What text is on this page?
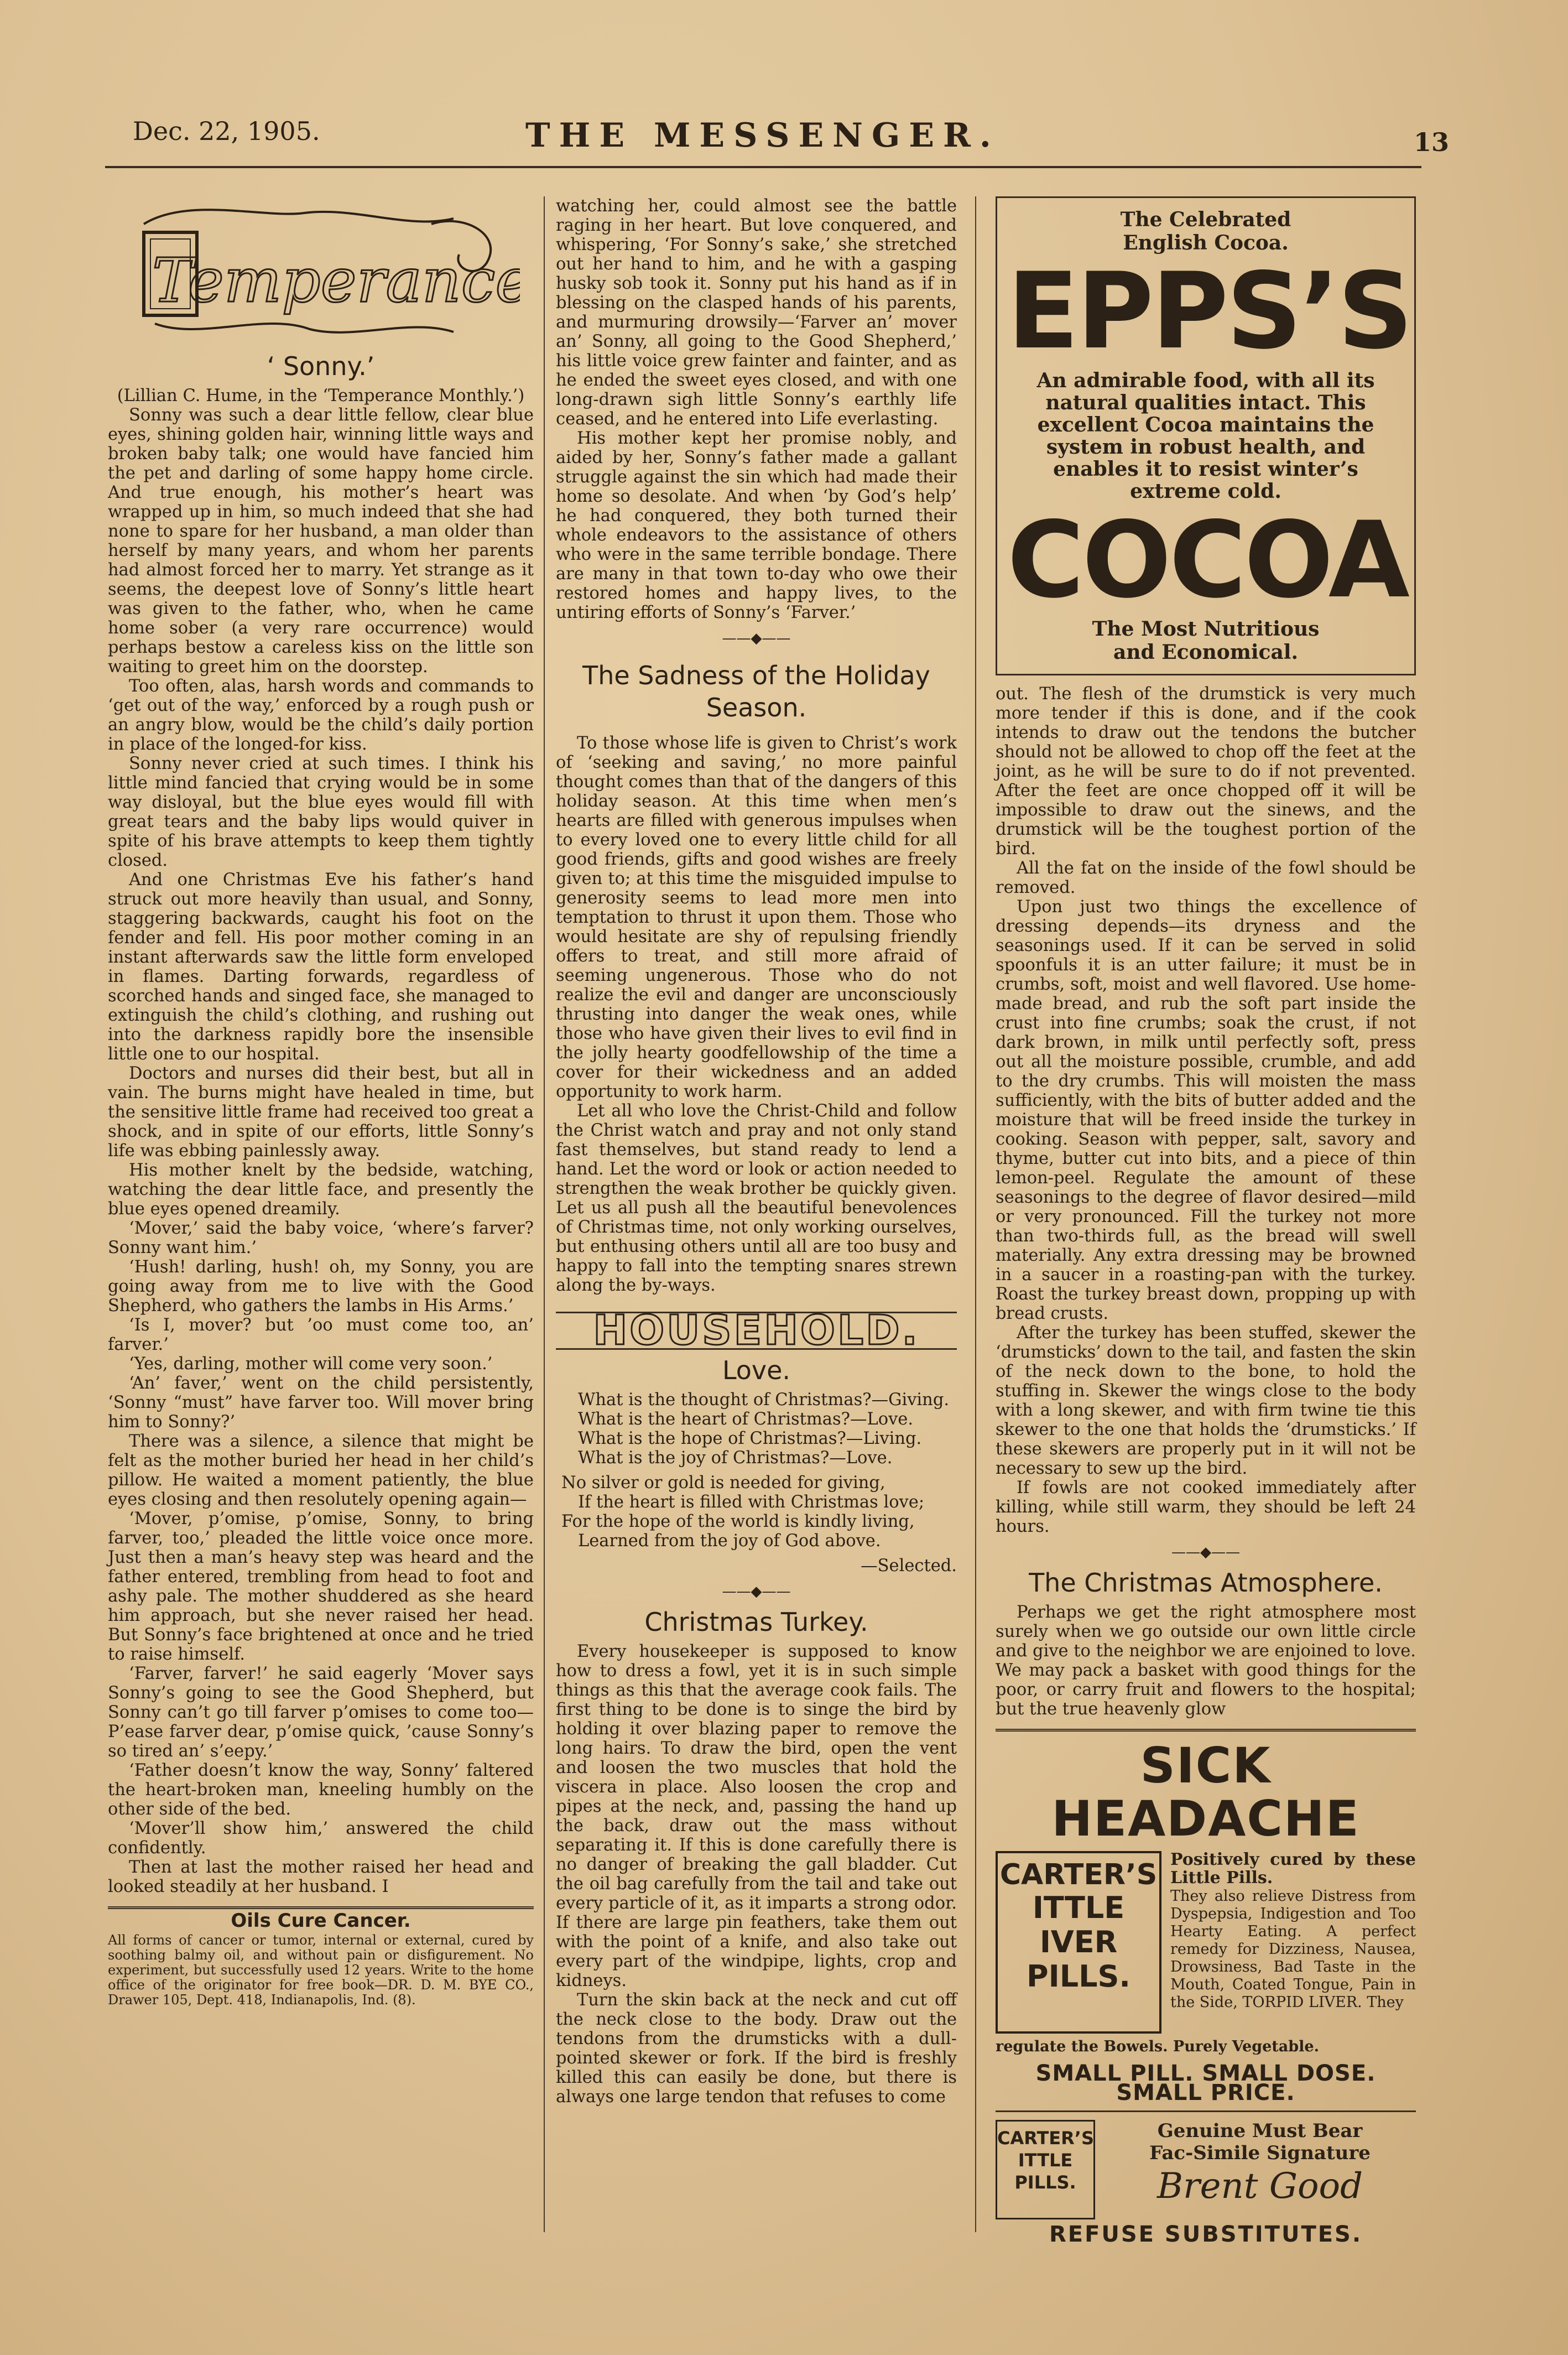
Dec. 22, 1905.	THE MESSENGER.	13
Temperance
‘ Sonny.’

(Lillian C. Hume, in the ‘Temperance Monthly.’)

Sonny was such a dear little fellow, clear blue eyes, shining golden hair, winning little ways and broken baby talk; one would have fancied him the pet and darling of some happy home circle. And true enough, his mother’s heart was wrapped up in him, so much indeed that she had none to spare for her husband, a man older than herself by many years, and whom her parents had almost forced her to marry. Yet strange as it seems, the deepest love of Sonny’s little heart was given to the father, who, when he came home sober (a very rare occurrence) would perhaps bestow a careless kiss on the little son waiting to greet him on the doorstep.

Too often, alas, harsh words and commands to ‘get out of the way,’ enforced by a rough push or an angry blow, would be the child’s daily portion in place of the longed-for kiss.

Sonny never cried at such times. I think his little mind fancied that crying would be in some way disloyal, but the blue eyes would fill with great tears and the baby lips would quiver in spite of his brave attempts to keep them tightly closed.

And one Christmas Eve his father’s hand struck out more heavily than usual, and Sonny, staggering backwards, caught his foot on the fender and fell. His poor mother coming in an instant afterwards saw the little form enveloped in flames. Darting forwards, regardless of scorched hands and singed face, she managed to extinguish the child’s clothing, and rushing out into the darkness rapidly bore the insensible little one to our hospital.

Doctors and nurses did their best, but all in vain. The burns might have healed in time, but the sensitive little frame had received too great a shock, and in spite of our efforts, little Sonny’s life was ebbing painlessly away.

His mother knelt by the bedside, watching, watching the dear little face, and presently the blue eyes opened dreamily.

‘Mover,’ said the baby voice, ‘where’s farver? Sonny want him.’

‘Hush! darling, hush! oh, my Sonny, you are going away from me to live with the Good Shepherd, who gathers the lambs in His Arms.’

‘Is I, mover? but ’oo must come too, an’ farver.’

‘Yes, darling, mother will come very soon.’

‘An’ faver,’ went on the child persistently, ‘Sonny “must” have farver too. Will mover bring him to Sonny?’

There was a silence, a silence that might be felt as the mother buried her head in her child’s pillow. He waited a moment patiently, the blue eyes closing and then resolutely opening again—

‘Mover, p’omise, p’omise, Sonny, to bring farver, too,’ pleaded the little voice once more. Just then a man’s heavy step was heard and the father entered, trembling from head to foot and ashy pale. The mother shuddered as she heard him approach, but she never raised her head. But Sonny’s face brightened at once and he tried to raise himself.

‘Farver, farver!’ he said eagerly ‘Mover says Sonny’s going to see the Good Shepherd, but Sonny can’t go till farver p’omises to come too—P’ease farver dear, p’omise quick, ’cause Sonny’s so tired an’ s’eepy.’

‘Father doesn’t know the way, Sonny’ faltered the heart-broken man, kneeling humbly on the other side of the bed.

‘Mover’ll show him,’ answered the child confidently.

Then at last the mother raised her head and looked steadily at her husband. I

Oils Cure Cancer.
All forms of cancer or tumor, internal or external, cured by soothing balmy oil, and without pain or disfigurement. No experiment, but successfully used 12 years. Write to the home office of the originator for free book—DR. D. M. BYE CO., Drawer 105, Dept. 418, Indianapolis, Ind. (8).

watching her, could almost see the battle raging in her heart. But love conquered, and whispering, ‘For Sonny’s sake,’ she stretched out her hand to him, and he with a gasping husky sob took it. Sonny put his hand as if in blessing on the clasped hands of his parents, and murmuring drowsily—‘Farver an’ mover an’ Sonny, all going to the Good Shepherd,’ his little voice grew fainter and fainter, and as he ended the sweet eyes closed, and with one long-drawn sigh little Sonny’s earthly life ceased, and he entered into Life everlasting.

His mother kept her promise nobly, and aided by her, Sonny’s father made a gallant struggle against the sin which had made their home so desolate. And when ‘by God’s help’ he had conquered, they both turned their whole endeavors to the assistance of others who were in the same terrible bondage. There are many in that town to-day who owe their restored homes and happy lives, to the untiring efforts of Sonny’s ‘Farver.’

——◆——
The Sadness of the Holiday Season.

To those whose life is given to Christ’s work of ‘seeking and saving,’ no more painful thought comes than that of the dangers of this holiday season. At this time when men’s hearts are filled with generous impulses when to every loved one to every little child for all good friends, gifts and good wishes are freely given to; at this time the misguided impulse to generosity seems to lead more men into temptation to thrust it upon them. Those who would hesitate are shy of repulsing friendly offers to treat, and still more afraid of seeming ungenerous. Those who do not realize the evil and danger are unconsciously thrusting into danger the weak ones, while those who have given their lives to evil find in the jolly hearty goodfellowship of the time a cover for their wickedness and an added opportunity to work harm.

Let all who love the Christ-Child and follow the Christ watch and pray and not only stand fast themselves, but stand ready to lend a hand. Let the word or look or action needed to strengthen the weak brother be quickly given. Let us all push all the beautiful benevolences of Christmas time, not only working ourselves, but enthusing others until all are too busy and happy to fall into the tempting snares strewn along the by-ways.

HOUSEHOLD.
Love.
What is the thought of Christmas?—Giving.
What is the heart of Christmas?—Love.
What is the hope of Christmas?—Living.
What is the joy of Christmas?—Love.
No silver or gold is needed for giving,
If the heart is filled with Christmas love;
For the hope of the world is kindly living,
Learned from the joy of God above.
—Selected.
——◆——
Christmas Turkey.

Every housekeeper is supposed to know how to dress a fowl, yet it is in such simple things as this that the average cook fails. The first thing to be done is to singe the bird by holding it over blazing paper to remove the long hairs. To draw the bird, open the vent and loosen the two muscles that hold the viscera in place. Also loosen the crop and pipes at the neck, and, passing the hand up the back, draw out the mass without separating it. If this is done carefully there is no danger of breaking the gall bladder. Cut the oil bag carefully from the tail and take out every particle of it, as it imparts a strong odor. If there are large pin feathers, take them out with the point of a knife, and also take out every part of the windpipe, lights, crop and kidneys.

Turn the skin back at the neck and cut off the neck close to the body. Draw out the tendons from the drumsticks with a dull-pointed skewer or fork. If the bird is freshly killed this can easily be done, but there is always one large tendon that refuses to come

The Celebrated
English Cocoa.
EPPS’S
An admirable food, with all its natural qualities intact. This excellent Cocoa maintains the system in robust health, and enables it to resist winter’s extreme cold.
COCOA
The Most Nutritious
and Economical.

out. The flesh of the drumstick is very much more tender if this is done, and if the cook intends to draw out the tendons the butcher should not be allowed to chop off the feet at the joint, as he will be sure to do if not prevented. After the feet are once chopped off it will be impossible to draw out the sinews, and the drumstick will be the toughest portion of the bird.

All the fat on the inside of the fowl should be removed.

Upon just two things the excellence of dressing depends—its dryness and the seasonings used. If it can be served in solid spoonfuls it is an utter failure; it must be in crumbs, soft, moist and well flavored. Use home-made bread, and rub the soft part inside the crust into fine crumbs; soak the crust, if not dark brown, in milk until perfectly soft, press out all the moisture possible, crumble, and add to the dry crumbs. This will moisten the mass sufficiently, with the bits of butter added and the moisture that will be freed inside the turkey in cooking. Season with pepper, salt, savory and thyme, butter cut into bits, and a piece of thin lemon-peel. Regulate the amount of these seasonings to the degree of flavor desired—mild or very pronounced. Fill the turkey not more than two-thirds full, as the bread will swell materially. Any extra dressing may be browned in a saucer in a roasting-pan with the turkey. Roast the turkey breast down, propping up with bread crusts.

After the turkey has been stuffed, skewer the ‘drumsticks’ down to the tail, and fasten the skin of the neck down to the bone, to hold the stuffing in. Skewer the wings close to the body with a long skewer, and with firm twine tie this skewer to the one that holds the ‘drumsticks.’ If these skewers are properly put in it will not be necessary to sew up the bird.

If fowls are not cooked immediately after killing, while still warm, they should be left 24 hours.

——◆——
The Christmas Atmosphere.

Perhaps we get the right atmosphere most surely when we go outside our own little circle and give to the neighbor we are enjoined to love. We may pack a basket with good things for the poor, or carry fruit and flowers to the hospital; but the true heavenly glow

SICK HEADACHE
CARTER’S
ITTLE
IVER
PILLS.
Positively cured by these Little Pills.
They also relieve Distress from Dyspepsia, Indigestion and Too Hearty Eating. A perfect remedy for Dizziness, Nausea, Drowsiness, Bad Taste in the Mouth, Coated Tongue, Pain in the Side, TORPID LIVER. They
regulate the Bowels. Purely Vegetable.
SMALL PILL. SMALL DOSE. SMALL PRICE.
CARTER’S
ITTLE
PILLS.
Genuine Must Bear
Fac-Simile Signature
Brent Good
REFUSE SUBSTITUTES.
